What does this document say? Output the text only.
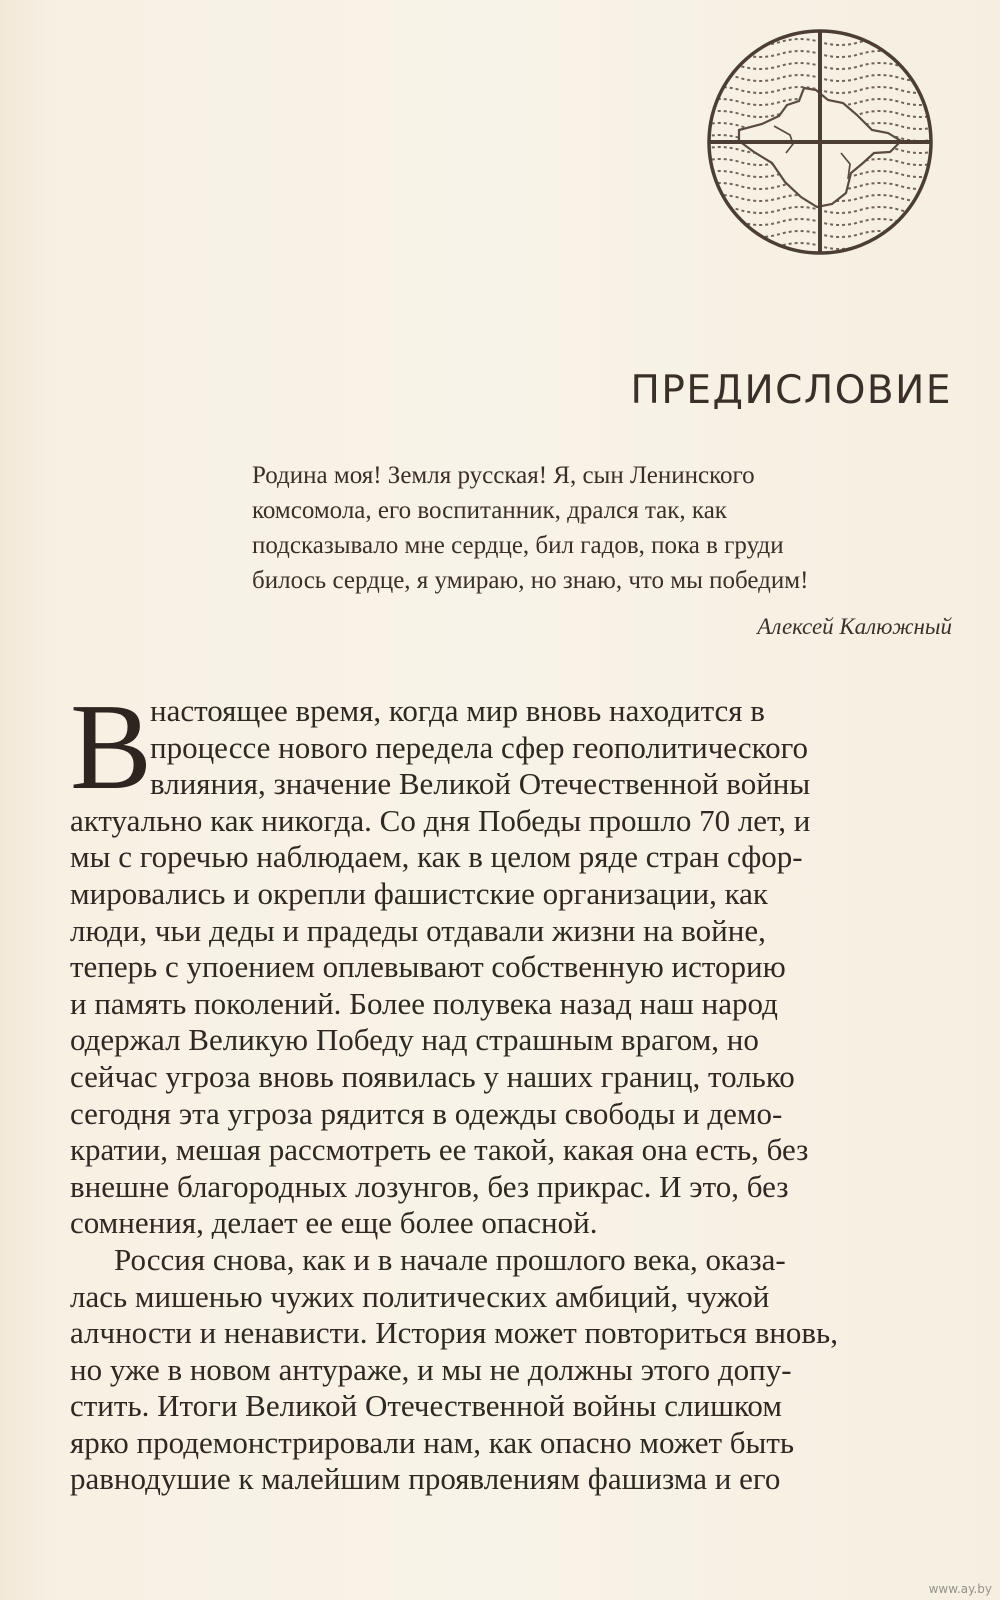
ПРЕДИСЛОВИЕ

Родина моя! Земля русская! Я, сын Ленинского

комсомола, его воспитанник, дрался так, как

подсказывало мне сердце, бил гадов, пока в груди

билось сердце, я умираю, но знаю, что мы победим!

Алексей Калюжный
В
настоящее время, когда мир вновь находится в
процессе нового передела сфер геополитического
влияния, значение Великой Отечественной войны
актуально как никогда. Со дня Победы прошло 70 лет, и
мы с горечью наблюдаем, как в целом ряде стран сфор-
мировались и окрепли фашистские организации, как
люди, чьи деды и прадеды отдавали жизни на войне,
теперь с упоением оплевывают собственную историю
и память поколений. Более полувека назад наш народ
одержал Великую Победу над страшным врагом, но
сейчас угроза вновь появилась у наших границ, только
сегодня эта угроза рядится в одежды свободы и демо-
кратии, мешая рассмотреть ее такой, какая она есть, без
внешне благородных лозунгов, без прикрас. И это, без
сомнения, делает ее еще более опасной.
Россия снова, как и в начале прошлого века, оказа-
лась мишенью чужих политических амбиций, чужой
алчности и ненависти. История может повториться вновь,
но уже в новом антураже, и мы не должны этого допу-
стить. Итоги Великой Отечественной войны слишком
ярко продемонстрировали нам, как опасно может быть
равнодушие к малейшим проявлениям фашизма и его
www.ay.by
